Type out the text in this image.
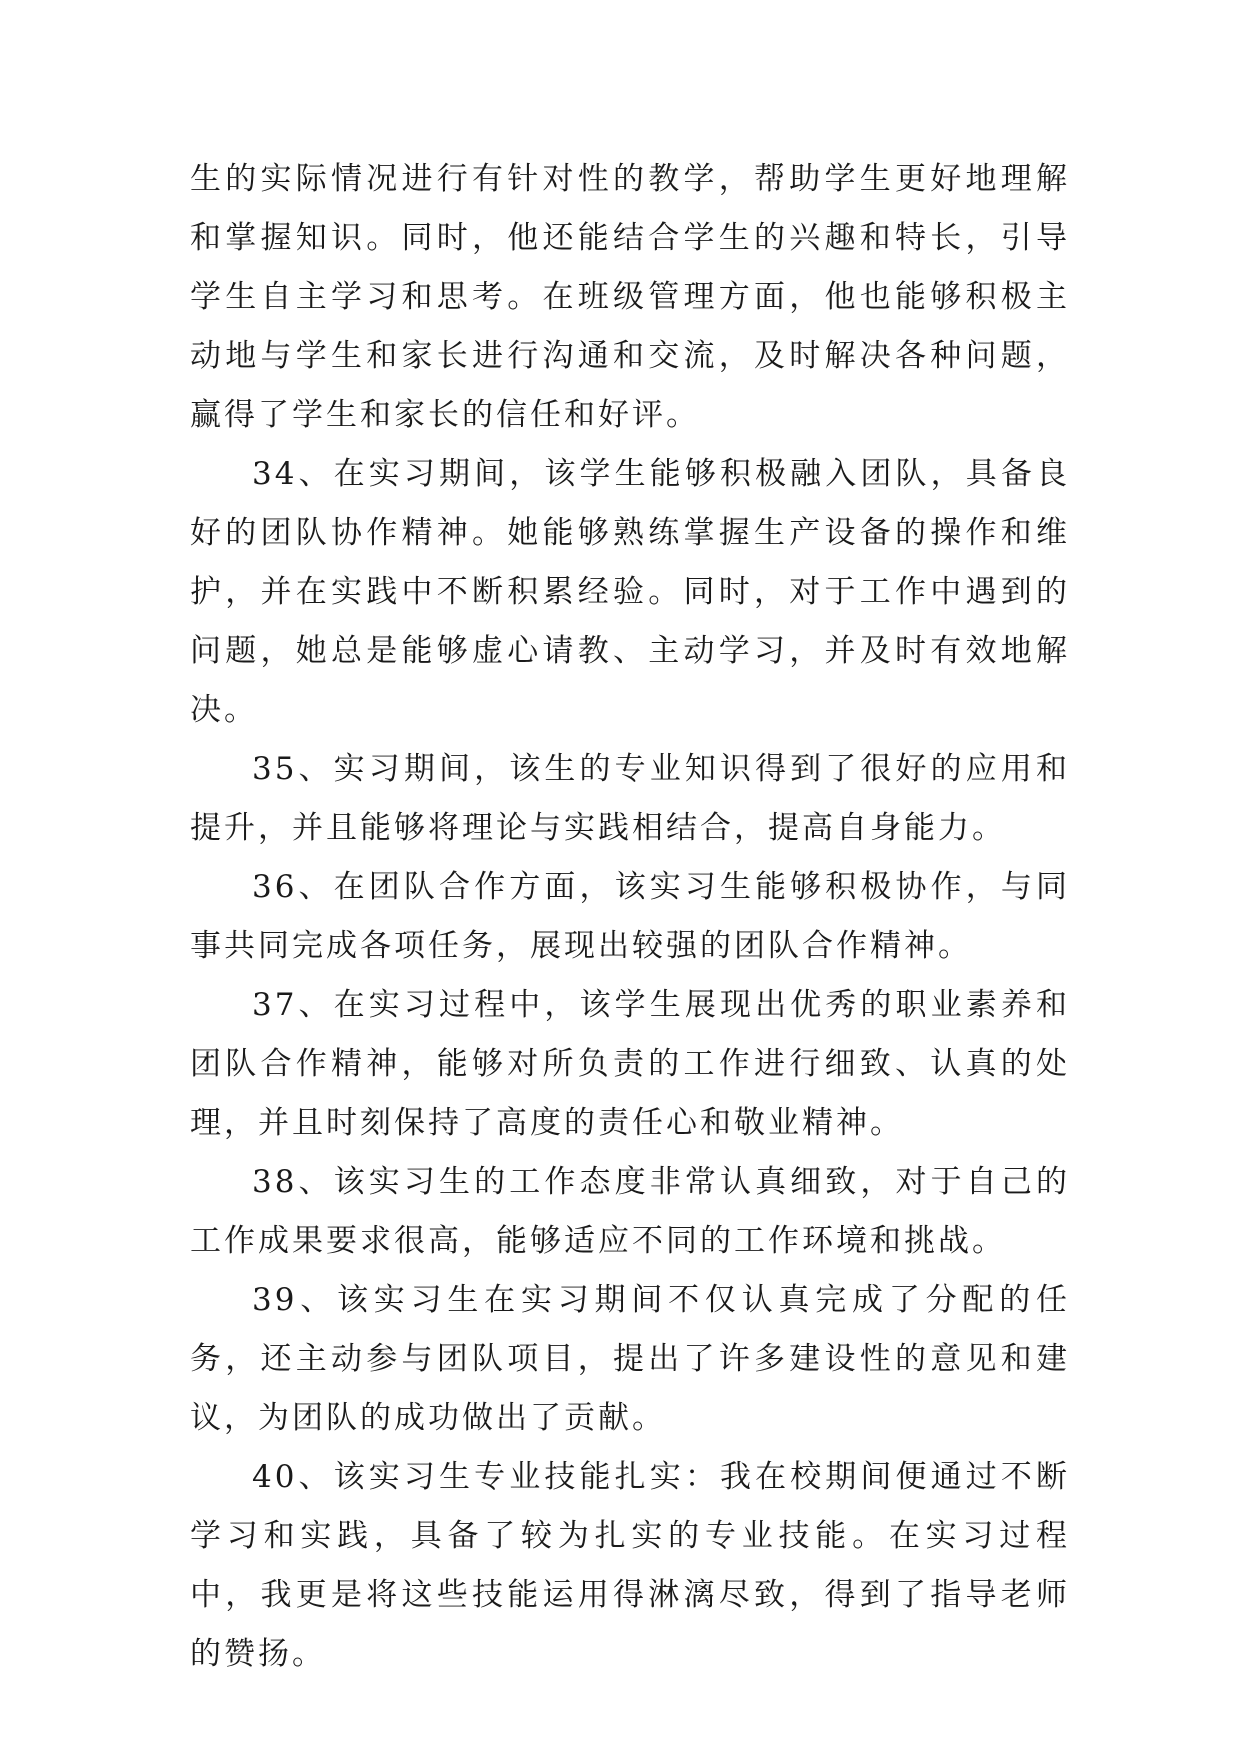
生的实际情况进行有针对性的教学，帮助学生更好地理解和掌握知识。同时，他还能结合学生的兴趣和特长，引导学生自主学习和思考。在班级管理方面，他也能够积极主动地与学生和家长进行沟通和交流，及时解决各种问题，赢得了学生和家长的信任和好评。

34、在实习期间，该学生能够积极融入团队，具备良好的团队协作精神。她能够熟练掌握生产设备的操作和维护，并在实践中不断积累经验。同时，对于工作中遇到的问题，她总是能够虚心请教、主动学习，并及时有效地解决。

35、实习期间，该生的专业知识得到了很好的应用和提升，并且能够将理论与实践相结合，提高自身能力。

36、在团队合作方面，该实习生能够积极协作，与同事共同完成各项任务，展现出较强的团队合作精神。

37、在实习过程中，该学生展现出优秀的职业素养和团队合作精神，能够对所负责的工作进行细致、认真的处理，并且时刻保持了高度的责任心和敬业精神。

38、该实习生的工作态度非常认真细致，对于自己的工作成果要求很高，能够适应不同的工作环境和挑战。

39、该实习生在实习期间不仅认真完成了分配的任务，还主动参与团队项目，提出了许多建设性的意见和建议，为团队的成功做出了贡献。

40、该实习生专业技能扎实：我在校期间便通过不断学习和实践，具备了较为扎实的专业技能。在实习过程中，我更是将这些技能运用得淋漓尽致，得到了指导老师的赞扬。
